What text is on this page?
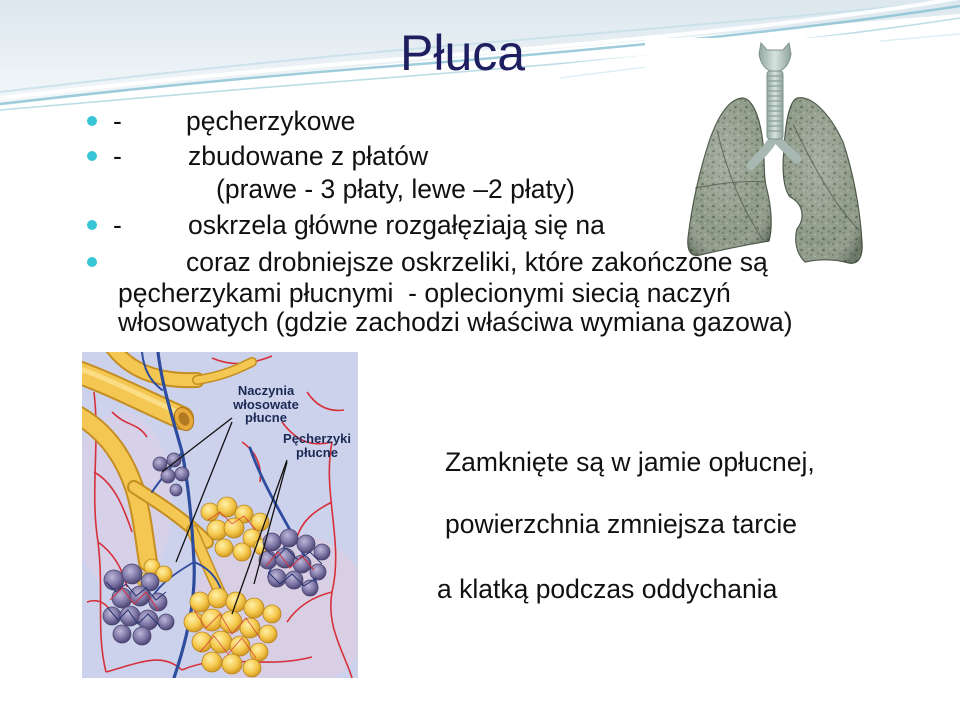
Płuca
- pęcherzykowe
- zbudowane z płatów
(prawe - 3 płaty, lewe –2 płaty)
- oskrzela główne rozgałęziają się na
coraz drobniejsze oskrzeliki, które zakończone są
pęcherzykami płucnymi  - oplecionymi siecią naczyń
włosowatych (gdzie zachodzi właściwa wymiana gazowa)
Naczynia
włosowate
płucne
Pęcherzyki
płucne	Zamknięte są w jamie opłucnej,
powierzchnia zmniejsza tarcie
a klatką podczas oddychania
